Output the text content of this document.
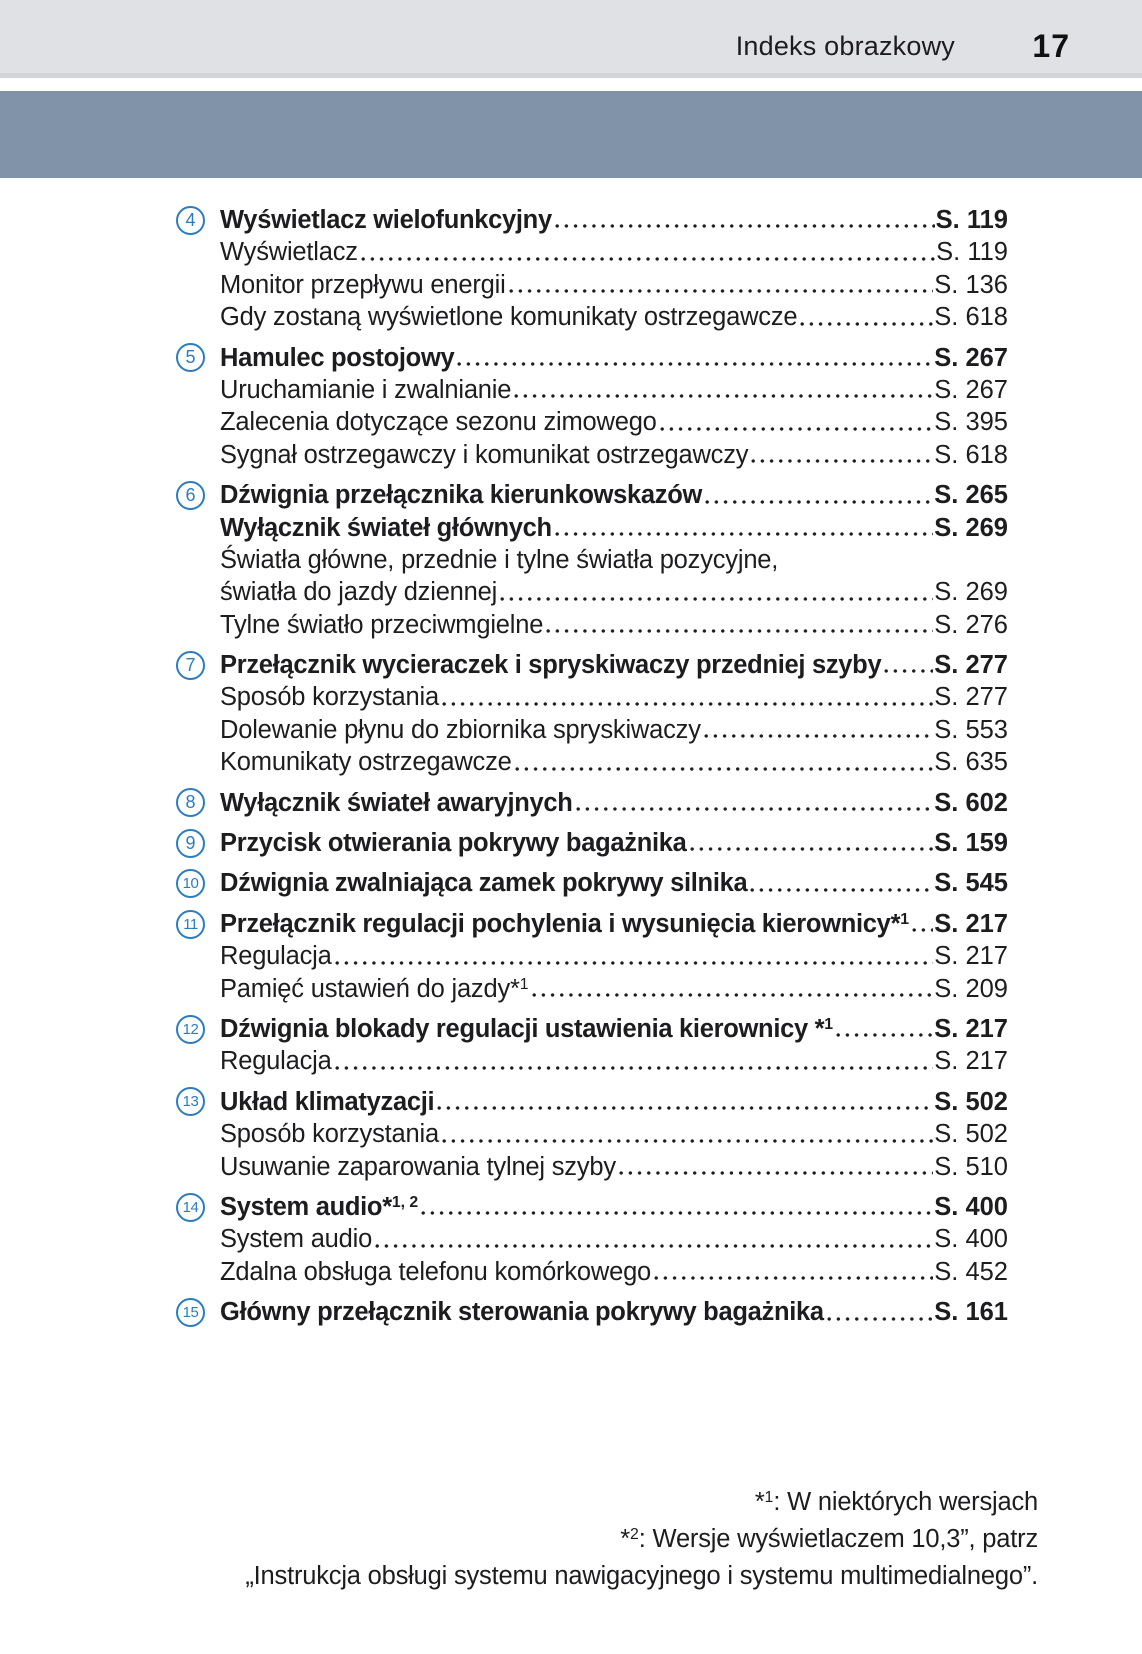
Indeks obrazkowy 17
4 Wyświetlacz wielofunkcyjny	S. 119
Wyświetlacz	S. 119
Monitor przepływu energii	S. 136
Gdy zostaną wyświetlone komunikaty ostrzegawcze	S. 618
5 Hamulec postojowy	S. 267
Uruchamianie i zwalnianie	S. 267
Zalecenia dotyczące sezonu zimowego	S. 395
Sygnał ostrzegawczy i komunikat ostrzegawczy	S. 618
6 Dźwignia przełącznika kierunkowskazów	S. 265
Wyłącznik świateł głównych	S. 269
Światła główne, przednie i tylne światła pozycyjne,
światła do jazdy dziennej	S. 269
Tylne światło przeciwmgielne	S. 276
7 Przełącznik wycieraczek i spryskiwaczy przedniej szyby S. 277
Sposób korzystania	S. 277
Dolewanie płynu do zbiornika spryskiwaczy	S. 553
Komunikaty ostrzegawcze	S. 635
8 Wyłącznik świateł awaryjnych	S. 602
9 Przycisk otwierania pokrywy bagażnika	S. 159
10 Dźwignia zwalniająca zamek pokrywy silnika	S. 545
11 Przełącznik regulacji pochylenia i wysunięcia kierownicy*$^1$ S. 217
Regulacja	S. 217
Pamięć ustawień do jazdy*$^1$	S. 209
12 Dźwignia blokady regulacji ustawienia kierownicy *$^1$	S. 217
Regulacja	S. 217
13 Układ klimatyzacji	S. 502
Sposób korzystania	S. 502
Usuwanie zaparowania tylnej szyby	S. 510
14 System audio*$^{1, 2}$	S. 400
System audio	S. 400
Zdalna obsługa telefonu komórkowego	S. 452
15 Główny przełącznik sterowania pokrywy bagażnika	S. 161
*$^1$: W niektórych wersjach
*$^2$: Wersje wyświetlaczem 10,3”, patrz
„Instrukcja obsługi systemu nawigacyjnego i systemu multimedialnego”.
